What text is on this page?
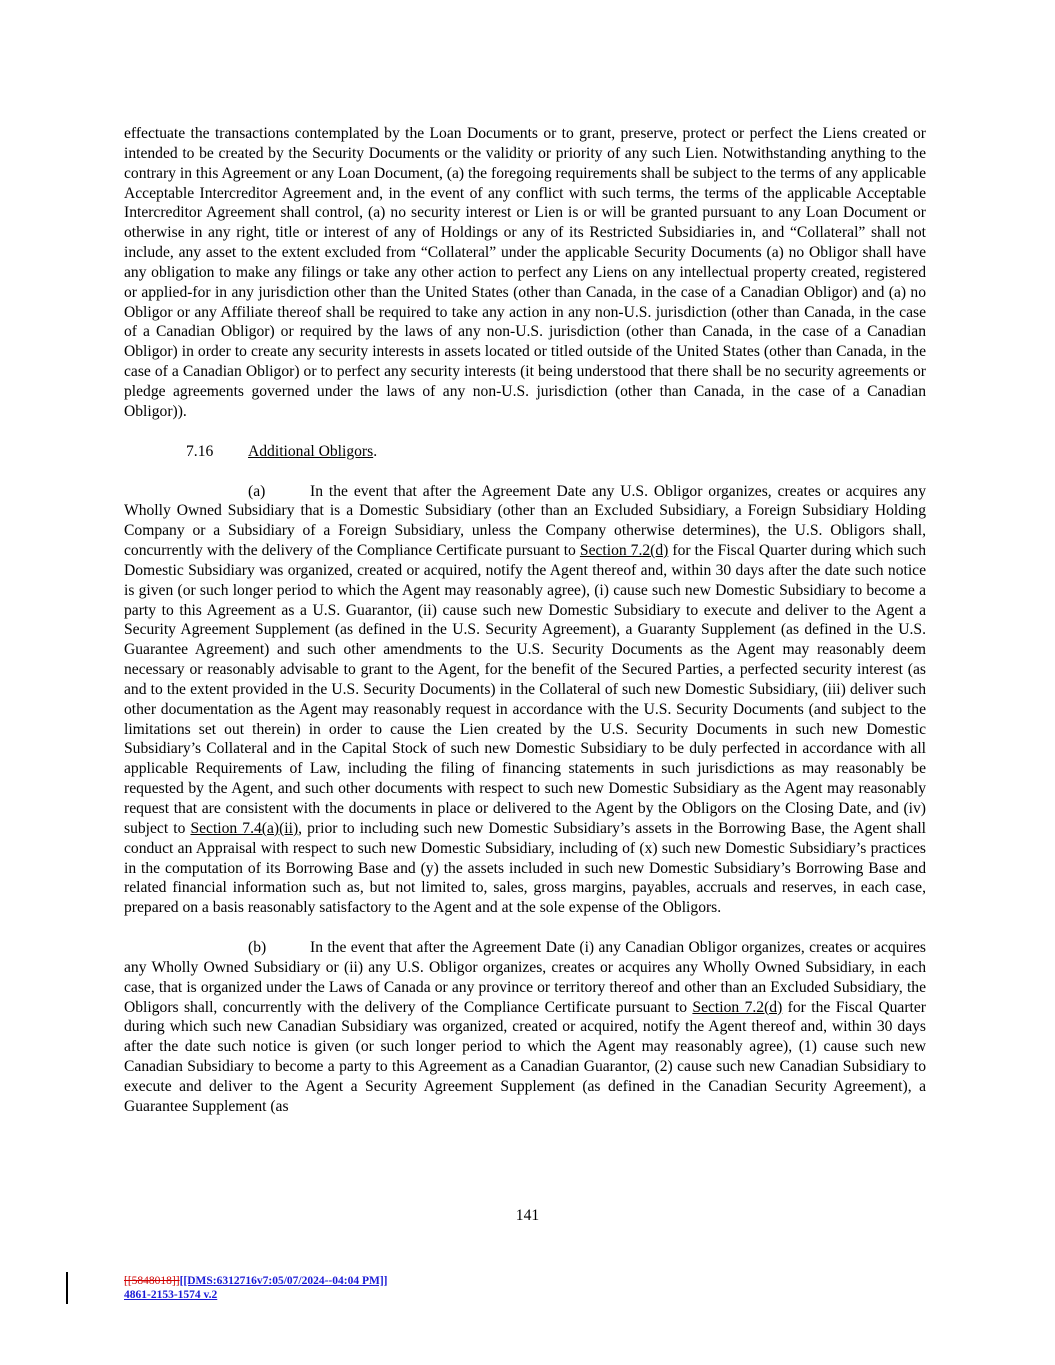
effectuate the transactions contemplated by the Loan Documents or to grant, preserve, protect or perfect the Liens created or intended to be created by the Security Documents or the validity or priority of any such Lien. Notwithstanding anything to the contrary in this Agreement or any Loan Document, (a) the foregoing requirements shall be subject to the terms of any applicable Acceptable Intercreditor Agreement and, in the event of any conflict with such terms, the terms of the applicable Acceptable Intercreditor Agreement shall control, (a) no security interest or Lien is or will be granted pursuant to any Loan Document or otherwise in any right, title or interest of any of Holdings or any of its Restricted Subsidiaries in, and “Collateral” shall not include, any asset to the extent excluded from “Collateral” under the applicable Security Documents (a) no Obligor shall have any obligation to make any filings or take any other action to perfect any Liens on any intellectual property created, registered or applied-for in any jurisdiction other than the United States (other than Canada, in the case of a Canadian Obligor) and (a) no Obligor or any Affiliate thereof shall be required to take any action in any non-U.S. jurisdiction (other than Canada, in the case of a Canadian Obligor) or required by the laws of any non-U.S. jurisdiction (other than Canada, in the case of a Canadian Obligor) in order to create any security interests in assets located or titled outside of the United States (other than Canada, in the case of a Canadian Obligor) or to perfect any security interests (it being understood that there shall be no security agreements or pledge agreements governed under the laws of any non-U.S. jurisdiction (other than Canada, in the case of a Canadian Obligor)).

7.16 Additional Obligors.

(a)	In the event that after the Agreement Date any U.S. Obligor organizes, creates or acquires any Wholly Owned Subsidiary that is a Domestic Subsidiary (other than an Excluded Subsidiary, a Foreign Subsidiary Holding Company or a Subsidiary of a Foreign Subsidiary, unless the Company otherwise determines), the U.S. Obligors shall, concurrently with the delivery of the Compliance Certificate pursuant to Section 7.2(d) for the Fiscal Quarter during which such Domestic Subsidiary was organized, created or acquired, notify the Agent thereof and, within 30 days after the date such notice is given (or such longer period to which the Agent may reasonably agree), (i) cause such new Domestic Subsidiary to become a party to this Agreement as a U.S. Guarantor, (ii) cause such new Domestic Subsidiary to execute and deliver to the Agent a Security Agreement Supplement (as defined in the U.S. Security Agreement), a Guaranty Supplement (as defined in the U.S. Guarantee Agreement) and such other amendments to the U.S. Security Documents as the Agent may reasonably deem necessary or reasonably advisable to grant to the Agent, for the benefit of the Secured Parties, a perfected security interest (as and to the extent provided in the U.S. Security Documents) in the Collateral of such new Domestic Subsidiary, (iii) deliver such other documentation as the Agent may reasonably request in accordance with the U.S. Security Documents (and subject to the limitations set out therein) in order to cause the Lien created by the U.S. Security Documents in such new Domestic Subsidiary’s Collateral and in the Capital Stock of such new Domestic Subsidiary to be duly perfected in accordance with all applicable Requirements of Law, including the filing of financing statements in such jurisdictions as may reasonably be requested by the Agent, and such other documents with respect to such new Domestic Subsidiary as the Agent may reasonably request that are consistent with the documents in place or delivered to the Agent by the Obligors on the Closing Date, and (iv) subject to Section 7.4(a)(ii), prior to including such new Domestic Subsidiary’s assets in the Borrowing Base, the Agent shall conduct an Appraisal with respect to such new Domestic Subsidiary, including of (x) such new Domestic Subsidiary’s practices in the computation of its Borrowing Base and (y) the assets included in such new Domestic Subsidiary’s Borrowing Base and related financial information such as, but not limited to, sales, gross margins, payables, accruals and reserves, in each case, prepared on a basis reasonably satisfactory to the Agent and at the sole expense of the Obligors.

(b)	In the event that after the Agreement Date (i) any Canadian Obligor organizes, creates or acquires any Wholly Owned Subsidiary or (ii) any U.S. Obligor organizes, creates or acquires any Wholly Owned Subsidiary, in each case, that is organized under the Laws of Canada or any province or territory thereof and other than an Excluded Subsidiary, the Obligors shall, concurrently with the delivery of the Compliance Certificate pursuant to Section 7.2(d) for the Fiscal Quarter during which such new Canadian Subsidiary was organized, created or acquired, notify the Agent thereof and, within 30 days after the date such notice is given (or such longer period to which the Agent may reasonably agree), (1) cause such new Canadian Subsidiary to become a party to this Agreement as a Canadian Guarantor, (2) cause such new Canadian Subsidiary to execute and deliver to the Agent a Security Agreement Supplement (as defined in the Canadian Security Agreement), a Guarantee Supplement (as

141
[[5848018]][[DMS:6312716v7:05/07/2024--04:04 PM]]
4861-2153-1574 v.2
